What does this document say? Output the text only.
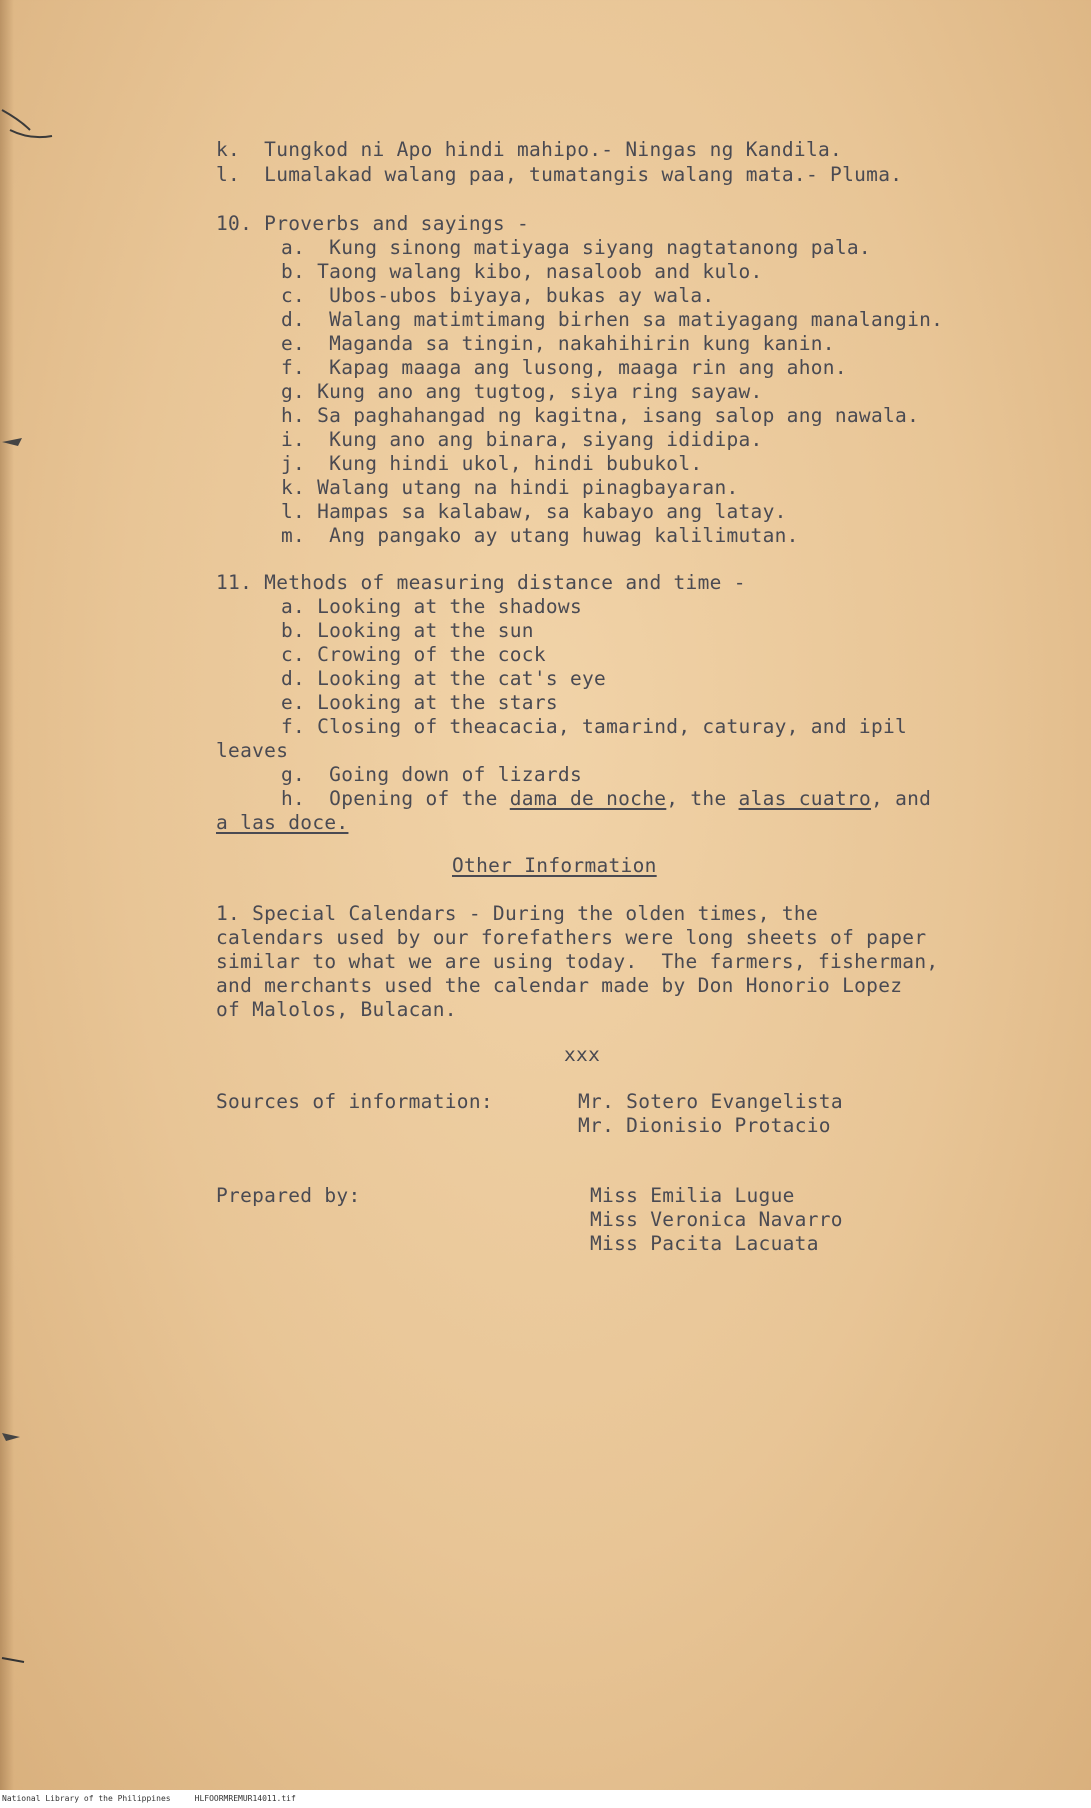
k.  Tungkod ni Apo hindi mahipo.- Ningas ng Kandila.
l.  Lumalakad walang paa, tumatangis walang mata.- Pluma.
10. Proverbs and sayings -
a.  Kung sinong matiyaga siyang nagtatanong pala.
b. Taong walang kibo, nasaloob and kulo.
c.  Ubos-ubos biyaya, bukas ay wala.
d.  Walang matimtimang birhen sa matiyagang manalangin.
e.  Maganda sa tingin, nakahihirin kung kanin.
f.  Kapag maaga ang lusong, maaga rin ang ahon.
g. Kung ano ang tugtog, siya ring sayaw.
h. Sa paghahangad ng kagitna, isang salop ang nawala.
i.  Kung ano ang binara, siyang ididipa.
j.  Kung hindi ukol, hindi bubukol.
k. Walang utang na hindi pinagbayaran.
l. Hampas sa kalabaw, sa kabayo ang latay.
m.  Ang pangako ay utang huwag kalilimutan.
11. Methods of measuring distance and time -
a. Looking at the shadows
b. Looking at the sun
c. Crowing of the cock
d. Looking at the cat's eye
e. Looking at the stars
f. Closing of theacacia, tamarind, caturay, and ipil
leaves
g.  Going down of lizards
h.  Opening of the dama de noche, the alas cuatro, and
a las doce.
Other Information
1. Special Calendars - During the olden times, the
calendars used by our forefathers were long sheets of paper
similar to what we are using today.  The farmers, fisherman,
and merchants used the calendar made by Don Honorio Lopez
of Malolos, Bulacan.
xxx
Sources of information:	Mr. Sotero Evangelista
Mr. Dionisio Protacio
Prepared by:	Miss Emilia Lugue
Miss Veronica Navarro
Miss Pacita Lacuata
National Library of the Philippines     HLFOORMREMUR14011.tif
